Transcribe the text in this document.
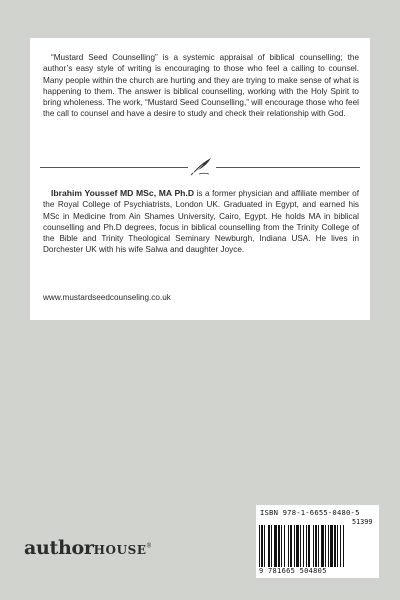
“Mustard Seed Counselling” is a systemic appraisal of biblical counselling; the author’s easy style of writing is encouraging to those who feel a calling to counsel. Many people within the church are hurting and they are trying to make sense of what is happening to them. The answer is biblical counselling, working with the Holy Spirit to bring wholeness. The work, “Mustard Seed Counselling,” will encourage those who feel the call to counsel and have a desire to study and check their relationship with God.

Ibrahim Youssef MD MSc, MA Ph.D is a former physician and affiliate member of the Royal College of Psychiatrists, London UK. Graduated in Egypt, and earned his MSc in Medicine from Ain Shames University, Cairo, Egypt. He holds MA in biblical counselling and Ph.D degrees, focus in biblical counselling from the Trinity College of the Bible and Trinity Theological Seminary Newburgh, Indiana USA. He lives in Dorchester UK with his wife Salwa and daughter Joyce.

www.mustardseedcounseling.co.uk
authorHOUSE®
ISBN 978-1-6655-0480-5
51399
9 781665 504805
